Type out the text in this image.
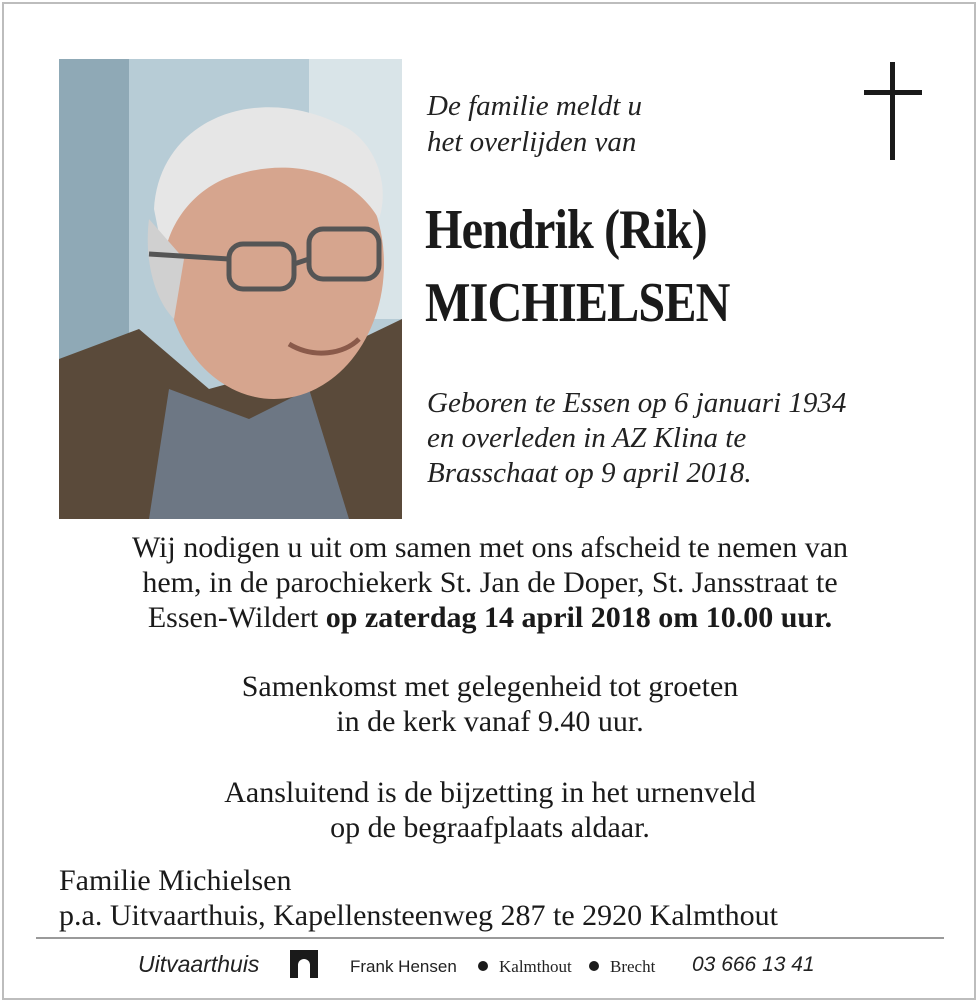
De familie meldt u
het overlijden van
Hendrik (Rik)
MICHIELSEN
Geboren te Essen op 6 januari 1934
en overleden in AZ Klina te
Brasschaat op 9 april 2018.
Wij nodigen u uit om samen met ons afscheid te nemen van
hem, in de parochiekerk St. Jan de Doper, St. Jansstraat te
Essen-Wildert op zaterdag 14 april 2018 om 10.00 uur.
Samenkomst met gelegenheid tot groeten
in de kerk vanaf 9.40 uur.
Aansluitend is de bijzetting in het urnenveld
op de begraafplaats aldaar.
Familie Michielsen
p.a. Uitvaarthuis, Kapellensteenweg 287 te 2920 Kalmthout
Uitvaarthuis	Frank Hensen Kalmthout Brecht 03 666 13 41
